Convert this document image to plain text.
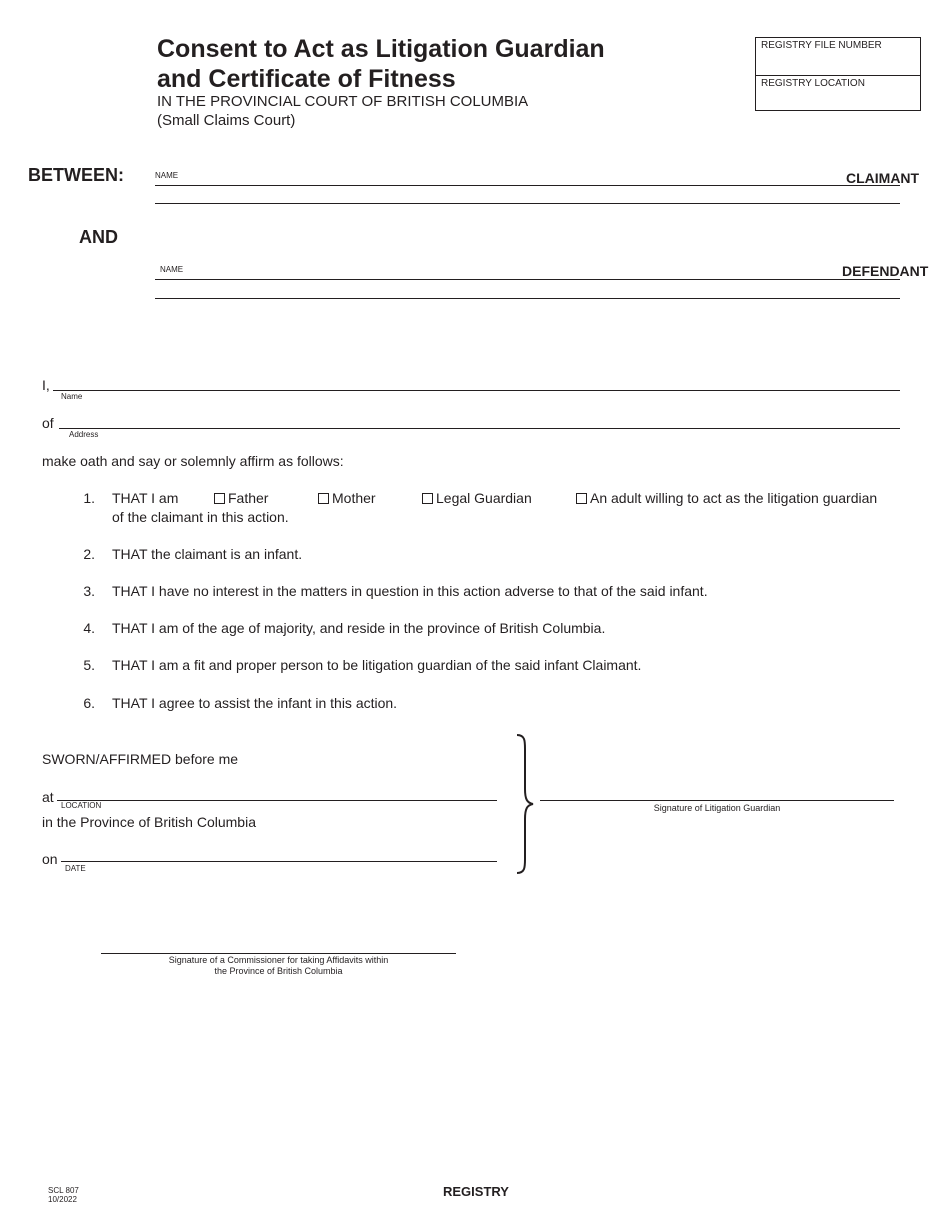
Consent to Act as Litigation Guardian
and Certificate of Fitness
IN THE PROVINCIAL COURT OF BRITISH COLUMBIA
(Small Claims Court)
REGISTRY FILE NUMBER
REGISTRY LOCATION
BETWEEN:	NAME	CLAIMANT
AND
NAME	DEFENDANT
I,
Name
of
Address
make oath and say or solemnly affirm as follows:
1. THAT I am	Father	Mother	Legal Guardian	An adult willing to act as the litigation guardian
of the claimant in this action.
2. THAT the claimant is an infant.
3. THAT I have no interest in the matters in question in this action adverse to that of the said infant.
4. THAT I am of the age of majority, and reside in the province of British Columbia.
5. THAT I am a fit and proper person to be litigation guardian of the said infant Claimant.
6. THAT I agree to assist the infant in this action.
SWORN/AFFIRMED before me
at
LOCATION
in the Province of British Columbia
on
DATE
Signature of Litigation Guardian
Signature of a Commissioner for taking Affidavits within
the Province of British Columbia
SCL 807
10/2022
REGISTRY
